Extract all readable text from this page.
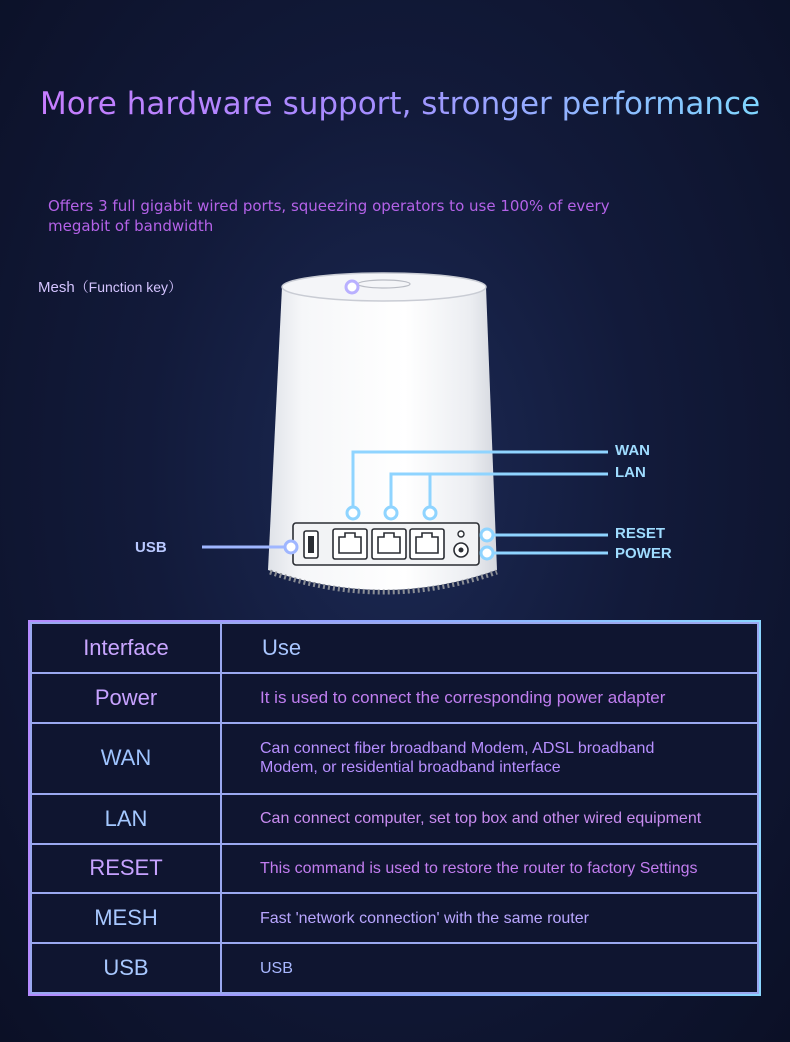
More hardware support, stronger performance
Offers 3 full gigabit wired ports, squeezing operators to use 100% of every megabit of bandwidth
Mesh（Function key）
WAN
LAN
RESET
POWER
USB
Interface	Use
Power	It is used to connect the corresponding power adapter
WAN	Can connect fiber broadband Modem, ADSL broadband Modem, or residential broadband interface
LAN	Can connect computer, set top box and other wired equipment
RESET	This command is used to restore the router to factory Settings
MESH	Fast 'network connection' with the same router
USB	USB
